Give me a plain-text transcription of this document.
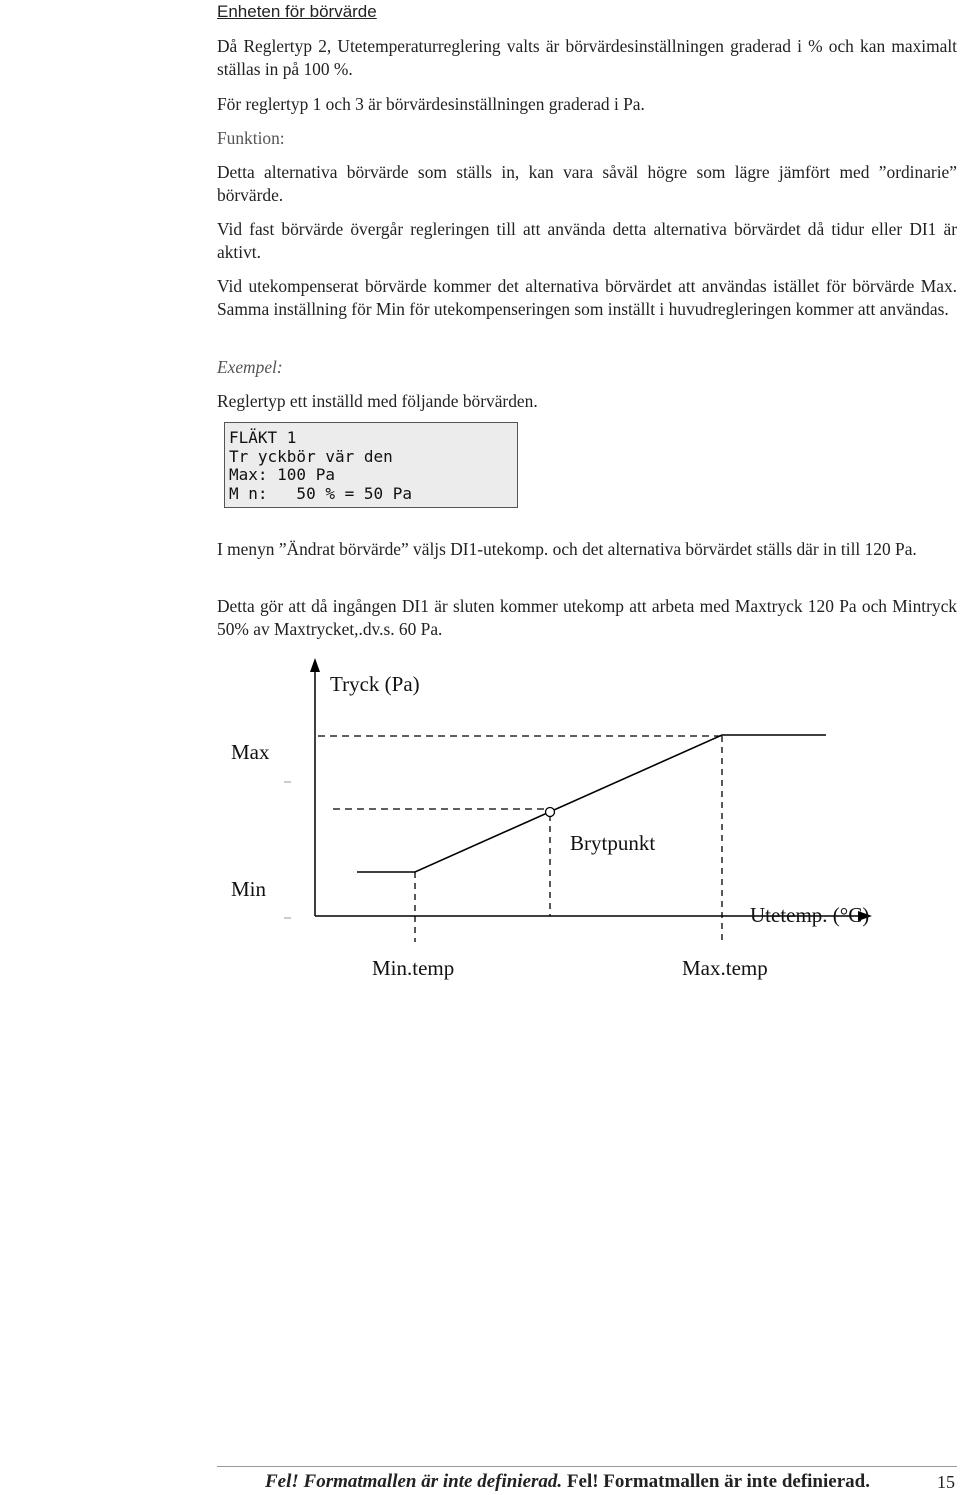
Enheten för börvärde

Då Reglertyp 2, Utetemperaturreglering valts är börvärdesinställningen graderad i % och kan maximalt ställas in på 100 %.

För reglertyp 1 och 3 är börvärdesinställningen graderad i Pa.

Funktion:

Detta alternativa börvärde som ställs in, kan vara såväl högre som lägre jämfört med ”ordinarie” börvärde.

Vid fast börvärde övergår regleringen till att använda detta alternativa börvärdet då tidur eller DI1 är aktivt.

Vid utekompenserat börvärde kommer det alternativa börvärdet att användas istället för börvärde Max. Samma inställning för Min för utekompenseringen som inställt i huvudregleringen kommer att användas.

Exempel:

Reglertyp ett inställd med följande börvärden.

FLÄKT 1
Tr yckbör vär den
Max: 100 Pa
M n:   50 % = 50 Pa

I menyn ”Ändrat börvärde” väljs DI1-utekomp. och det alternativa börvärdet ställs där in till 120 Pa.

Detta gör att då ingången DI1 är sluten kommer utekomp att arbeta med Maxtryck 120 Pa och Mintryck 50% av Maxtrycket,.dv.s. 60 Pa.

Tryck (Pa)
Max
Min
Brytpunkt
Utetemp. (°C)
Min.temp	Max.temp
Fel! Formatmallen är inte definierad. Fel! Formatmallen är inte definierad.	15
